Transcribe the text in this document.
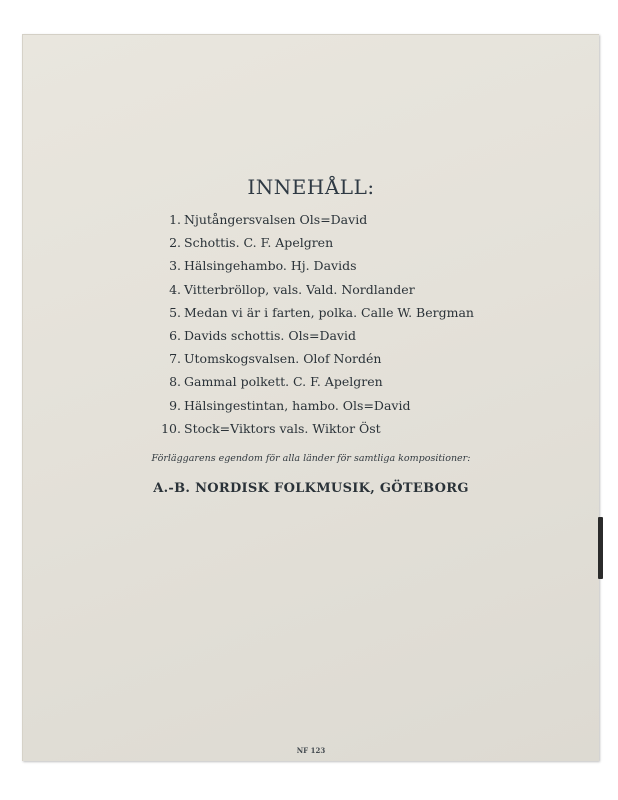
INNEHÅLL:
1. Njutångersvalsen Ols=David
2. Schottis. C. F. Apelgren
3. Hälsingehambo. Hj. Davids
4. Vitterbröllop, vals. Vald. Nordlander
5. Medan vi är i farten, polka. Calle W. Bergman
6. Davids schottis. Ols=David
7. Utomskogsvalsen. Olof Nordén
8. Gammal polkett. C. F. Apelgren
9. Hälsingestintan, hambo. Ols=David
10. Stock=Viktors vals. Wiktor Öst
Förläggarens egendom för alla länder för samtliga kompositioner:
A.-B. NORDISK FOLKMUSIK, GÖTEBORG
NF 123
